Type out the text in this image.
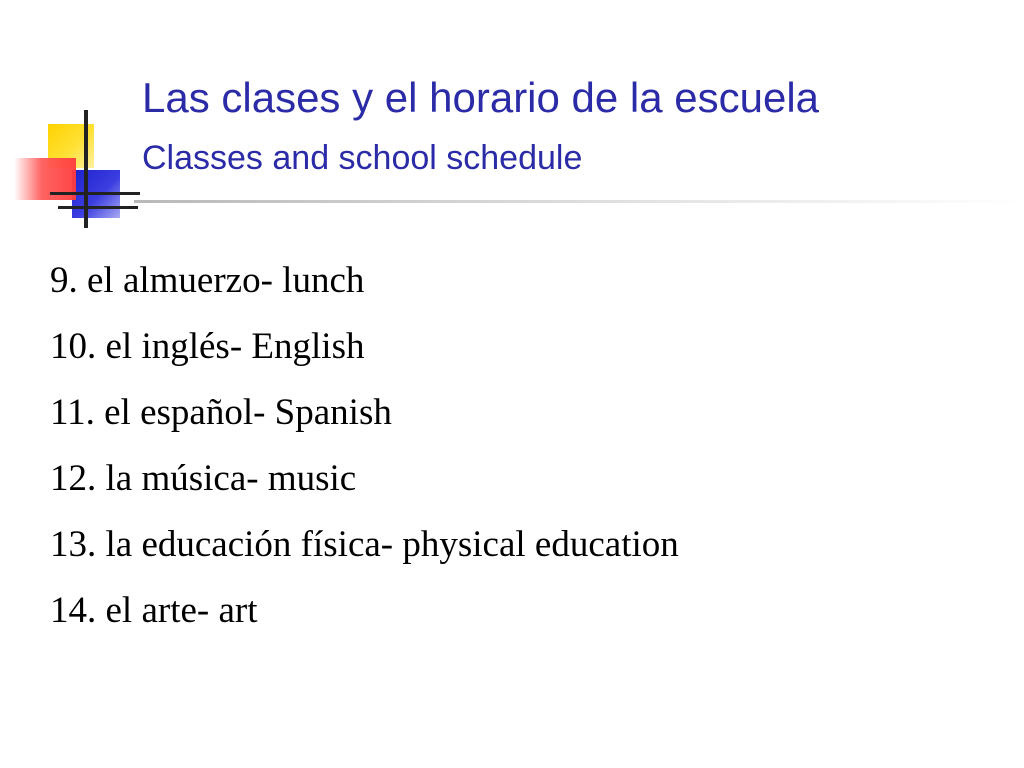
Las clases y el horario de la escuela
Classes and school schedule
9. el almuerzo- lunch
10. el inglés- English
11. el español- Spanish
12. la música- music
13. la educación física- physical education
14. el arte- art
